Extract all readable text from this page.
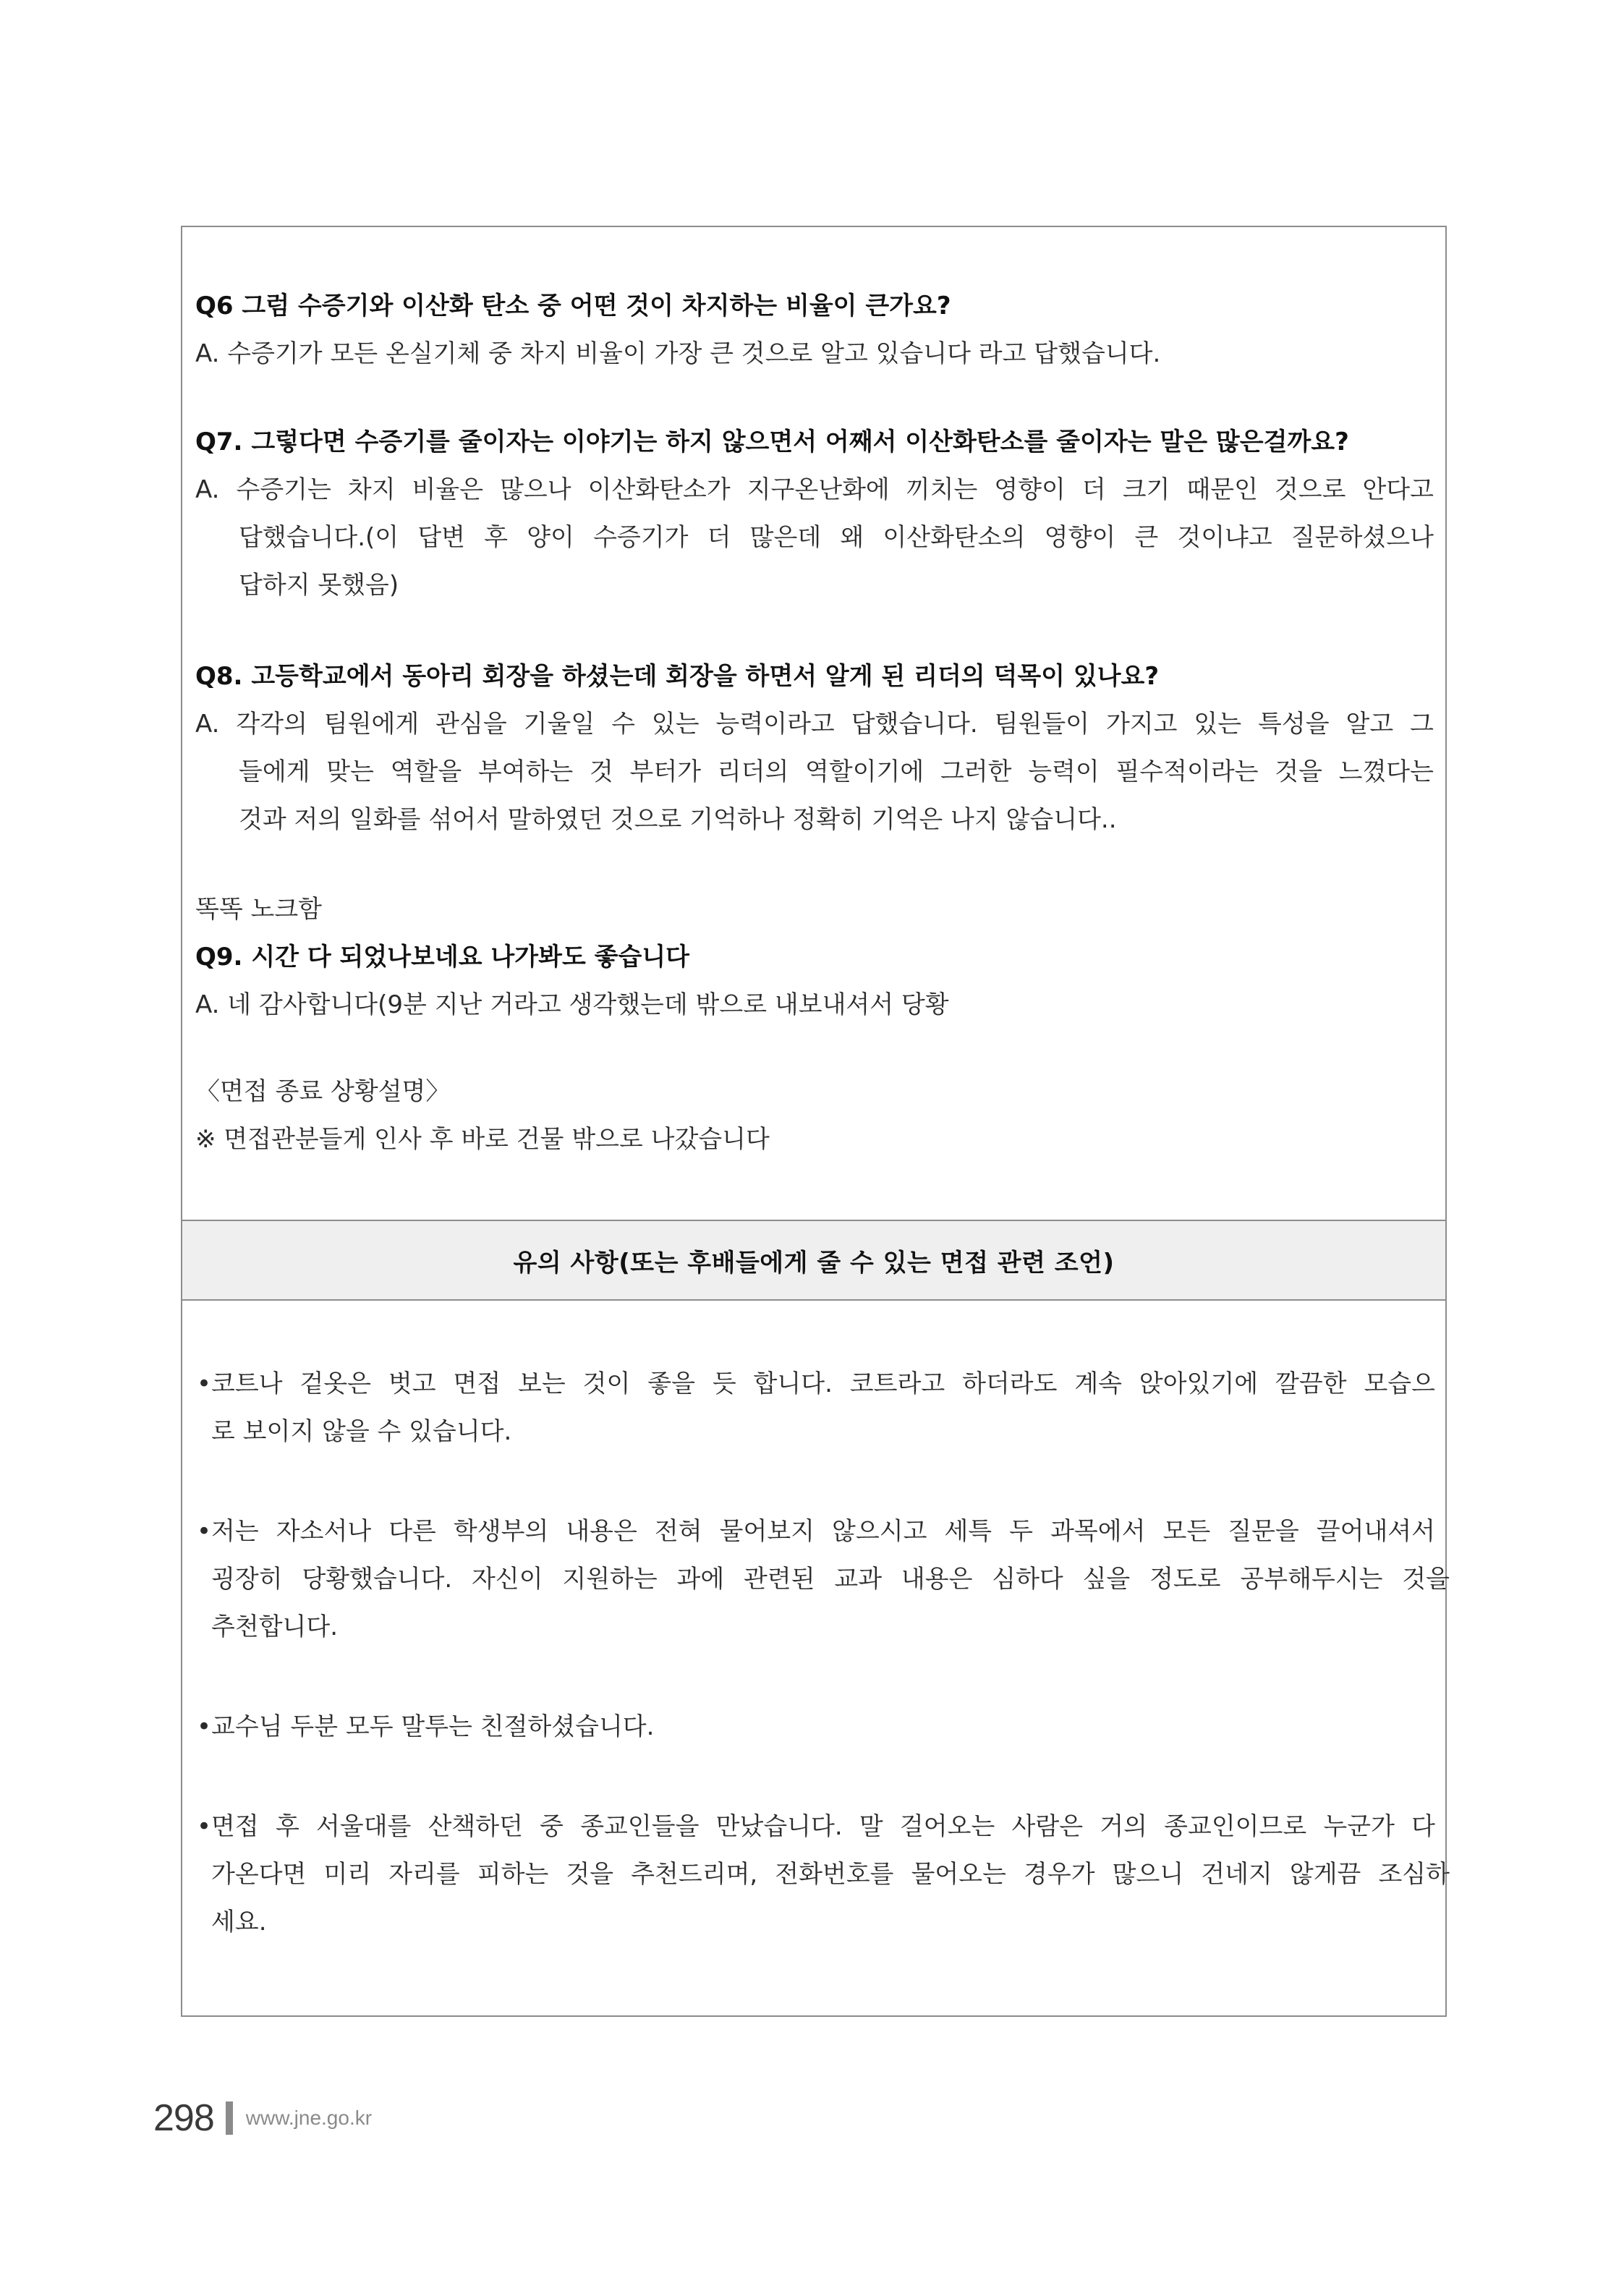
Q6 그럼 수증기와 이산화 탄소 중 어떤 것이 차지하는 비율이 큰가요?
A. 수증기가 모든 온실기체 중 차지 비율이 가장 큰 것으로 알고 있습니다 라고 답했습니다.
Q7. 그렇다면 수증기를 줄이자는 이야기는 하지 않으면서 어째서 이산화탄소를 줄이자는 말은 많은걸까요?
A. 수증기는 차지 비율은 많으나 이산화탄소가 지구온난화에 끼치는 영향이 더 크기 때문인 것으로 안다고
답했습니다.(이 답변 후 양이 수증기가 더 많은데 왜 이산화탄소의 영향이 큰 것이냐고 질문하셨으나
답하지 못했음)
Q8. 고등학교에서 동아리 회장을 하셨는데 회장을 하면서 알게 된 리더의 덕목이 있나요?
A. 각각의 팀원에게 관심을 기울일 수 있는 능력이라고 답했습니다. 팀원들이 가지고 있는 특성을 알고 그
들에게 맞는 역할을 부여하는 것 부터가 리더의 역할이기에 그러한 능력이 필수적이라는 것을 느꼈다는
것과 저의 일화를 섞어서 말하였던 것으로 기억하나 정확히 기억은 나지 않습니다..
똑똑 노크함
Q9. 시간 다 되었나보네요 나가봐도 좋습니다
A. 네 감사합니다(9분 지난 거라고 생각했는데 밖으로 내보내셔서 당황
〈면접 종료 상황설명〉
※ 면접관분들게 인사 후 바로 건물 밖으로 나갔습니다
유의 사항(또는 후배들에게 줄 수 있는 면접 관련 조언)
•코트나 겉옷은 벗고 면접 보는 것이 좋을 듯 합니다. 코트라고 하더라도 계속 앉아있기에 깔끔한 모습으
로 보이지 않을 수 있습니다.
•저는 자소서나 다른 학생부의 내용은 전혀 물어보지 않으시고 세특 두 과목에서 모든 질문을 끌어내셔서
굉장히 당황했습니다. 자신이 지원하는 과에 관련된 교과 내용은 심하다 싶을 정도로 공부해두시는 것을
추천합니다.
•교수님 두분 모두 말투는 친절하셨습니다.
•면접 후 서울대를 산책하던 중 종교인들을 만났습니다. 말 걸어오는 사람은 거의 종교인이므로 누군가 다
가온다면 미리 자리를 피하는 것을 추천드리며, 전화번호를 물어오는 경우가 많으니 건네지 않게끔 조심하
세요.
298 www.jne.go.kr
